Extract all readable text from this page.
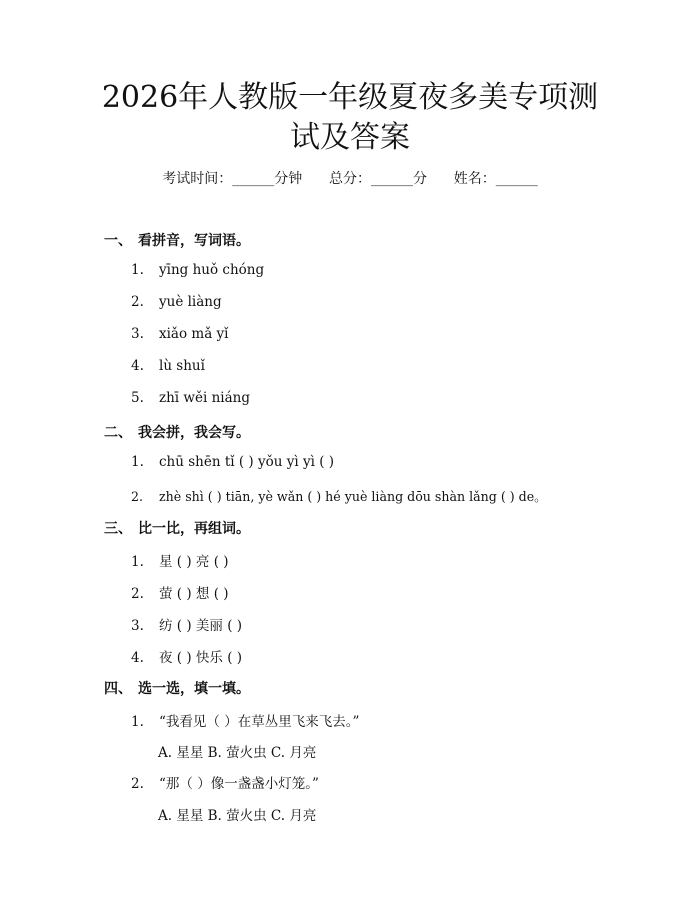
2026年人教版一年级夏夜多美专项测试及答案
考试时间：______分钟      总分：______分      姓名：______
一、 看拼音，写词语。
1. yīng huǒ chóng
2. yuè liàng
3. xiǎo mǎ yǐ
4. lù shuǐ
5. zhī wěi niáng
二、 我会拼，我会写。
1. chū shēn tǐ ( ) yǒu yì yì ( )
2. zhè shì ( ) tiān, yè wǎn ( ) hé yuè liàng dōu shàn lǎng ( ) de。
三、 比一比，再组词。
1. 星 ( ) 亮 ( )
2. 萤 ( ) 想 ( )
3. 纺 ( ) 美丽 ( )
4. 夜 ( ) 快乐 ( )
四、 选一选，填一填。
1. “我看见（ ）在草丛里飞来飞去。”
A. 星星 B. 萤火虫 C. 月亮
2. “那（ ）像一盏盏小灯笼。”
A. 星星 B. 萤火虫 C. 月亮
